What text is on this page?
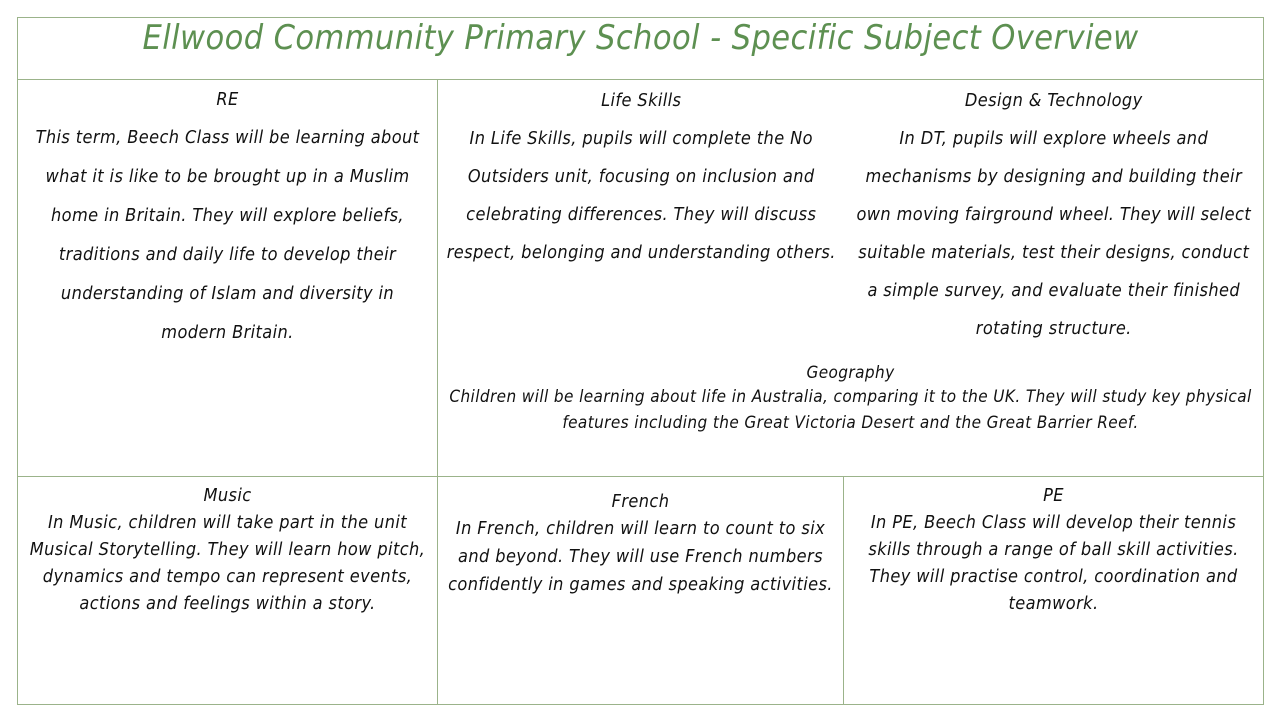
Ellwood Community Primary School - Specific Subject Overview

RE
This term, Beech Class will be learning about what it is like to be brought up in a Muslim home in Britain. They will explore beliefs, traditions and daily life to develop their understanding of Islam and diversity in modern Britain.

Life Skills
In Life Skills, pupils will complete the No Outsiders unit, focusing on inclusion and celebrating differences. They will discuss respect, belonging and understanding others.

Design & Technology
In DT, pupils will explore wheels and mechanisms by designing and building their own moving fairground wheel. They will select suitable materials, test their designs, conduct a simple survey, and evaluate their finished rotating structure.

Geography
Children will be learning about life in Australia, comparing it to the UK. They will study key physical features including the Great Victoria Desert and the Great Barrier Reef.

Music
In Music, children will take part in the unit Musical Storytelling. They will learn how pitch, dynamics and tempo can represent events, actions and feelings within a story.

French
In French, children will learn to count to six and beyond. They will use French numbers confidently in games and speaking activities.

PE
In PE, Beech Class will develop their tennis skills through a range of ball skill activities. They will practise control, coordination and teamwork.
